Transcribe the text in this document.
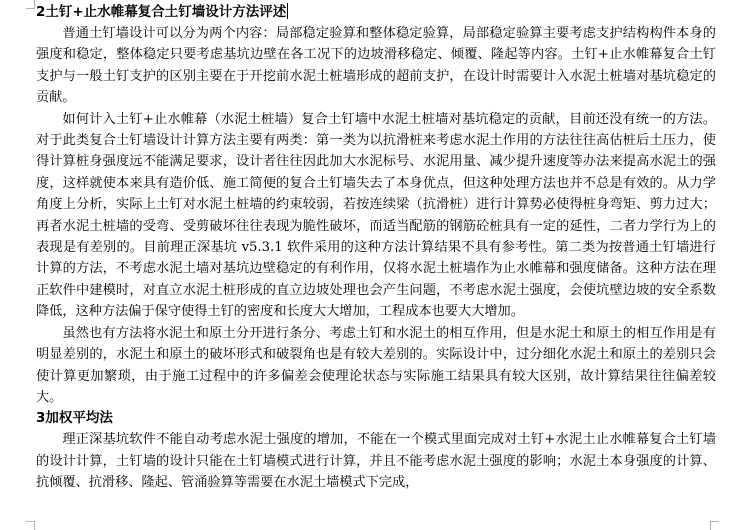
2土钉+止水帷幕复合土钉墙设计方法评述

普通土钉墙设计可以分为两个内容：局部稳定验算和整体稳定验算，局部稳定验算主要考虑支护结构构件本身的强度和稳定，整体稳定只要考虑基坑边壁在各工况下的边坡滑移稳定、倾覆、隆起等内容。土钉+止水帷幕复合土钉支护与一般土钉支护的区别主要在于开挖前水泥土桩墙形成的超前支护，在设计时需要计入水泥土桩墙对基坑稳定的贡献。

如何计入土钉+止水帷幕（水泥土桩墙）复合土钉墙中水泥土桩墙对基坑稳定的贡献，目前还没有统一的方法。对于此类复合土钉墙设计计算方法主要有两类：第一类为以抗滑桩来考虑水泥土作用的方法往往高估桩后土压力，使得计算桩身强度远不能满足要求，设计者往往因此加大水泥标号、水泥用量、减少提升速度等办法来提高水泥土的强度，这样就使本来具有造价低、施工简便的复合土钉墙失去了本身优点，但这种处理方法也并不总是有效的。从力学角度上分析，实际上土钉对水泥土桩墙的约束较弱，若按连续梁（抗滑桩）进行计算势必使得桩身弯矩、剪力过大；再者水泥土桩墙的受弯、受剪破坏往往表现为脆性破坏，而适当配筋的钢筋砼桩具有一定的延性，二者力学行为上的表现是有差别的。目前理正深基坑 v5.3.1 软件采用的这种方法计算结果不具有参考性。第二类为按普通土钉墙进行计算的方法，不考虑水泥土墙对基坑边壁稳定的有利作用，仅将水泥土桩墙作为止水帷幕和强度储备。这种方法在理正软件中建模时，对直立水泥土桩形成的直立边坡处理也会产生问题，不考虑水泥土强度，会使坑壁边坡的安全系数降低，这种方法偏于保守使得土钉的密度和长度大大增加，工程成本也要大大增加。

虽然也有方法将水泥土和原土分开进行条分、考虑土钉和水泥土的相互作用，但是水泥土和原土的相互作用是有明显差别的，水泥土和原土的破坏形式和破裂角也是有较大差别的。实际设计中，过分细化水泥土和原土的差别只会使计算更加繁琐，由于施工过程中的许多偏差会使理论状态与实际施工结果具有较大区别，故计算结果往往偏差较大。

3加权平均法

理正深基坑软件不能自动考虑水泥土强度的增加，不能在一个模式里面完成对土钉+水泥土止水帷幕复合土钉墙的设计计算，土钉墙的设计只能在土钉墙模式进行计算，并且不能考虑水泥土强度的影响；水泥土本身强度的计算、抗倾覆、抗滑移、隆起、管涌验算等需要在水泥土墙模式下完成，
